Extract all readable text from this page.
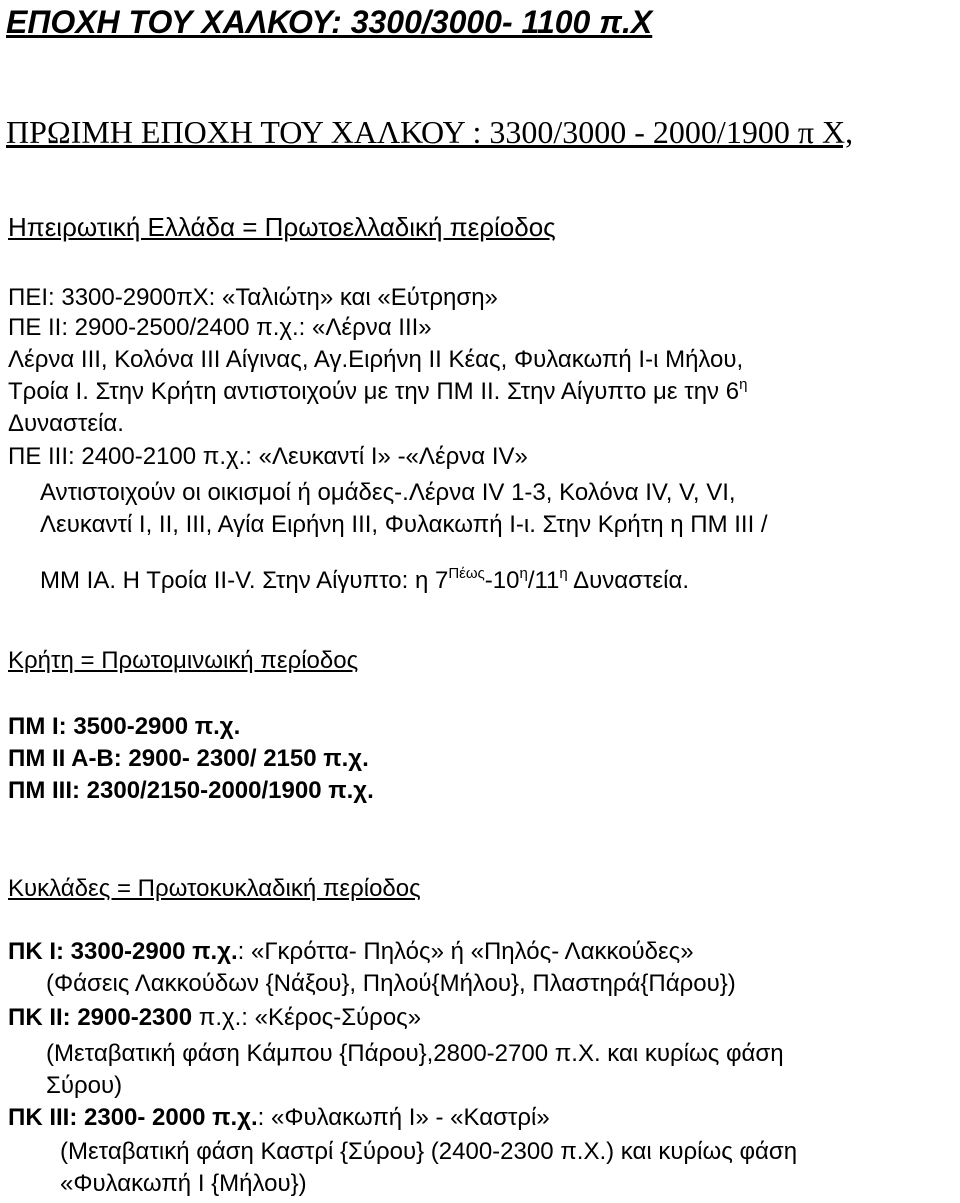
ΕΠΟΧΗ ΤΟΥ ΧΑΛΚΟΥ: 3300/3000- 1100 π.Χ

ΠΡΩΙΜΗ ΕΠΟΧΗ ΤΟΥ ΧΑΛΚΟΥ : 3300/3000 - 2000/1900 π Χ,

Ηπειρωτική Ελλάδα = Πρωτοελλαδική περίοδος

ΠΕΙ: 3300-2900πΧ: «Ταλιώτη» και «Εύτρηση»

ΠΕ ΙΙ: 2900-2500/2400 π.χ.: «Λέρνα ΙΙΙ»

Λέρνα ΙΙΙ, Κολόνα ΙΙΙ Αίγινας, Αγ.Ειρήνη ΙΙ Κέας, Φυλακωπή Ι-ι Μήλου,

Τροία Ι. Στην Κρήτη αντιστοιχούν με την ΠΜ ΙΙ. Στην Αίγυπτο με την $6^\eta$

Δυναστεία.

ΠΕ ΙΙΙ: 2400-2100 π.χ.: «Λευκαντί Ι» -«Λέρνα ΙV»

Αντιστοιχούν οι οικισμοί ή ομάδες-.Λέρνα IV 1-3, Κολόνα ΙV, V, VI,

Λευκαντί Ι, ΙΙ, ΙΙΙ, Αγία Ειρήνη ΙΙΙ, Φυλακωπή Ι-ι. Στην Κρήτη η ΠΜ ΙΙΙ /

ΜΜ ΙΑ. Η Τροία ΙΙ-V. Στην Αίγυπτο: η $7^{\Pi έ\omega\varsigma}-10^\eta/11^\eta$ Δυναστεία.

Κρήτη = Πρωτομινωική περίοδος

ΠΜ Ι: 3500-2900 π.χ.

ΠΜ ΙΙ Α-Β: 2900- 2300/ 2150 π.χ.

ΠΜ ΙΙΙ: 2300/2150-2000/1900 π.χ.

Κυκλάδες = Πρωτοκυκλαδική περίοδος

ΠΚ Ι: 3300-2900 π.χ.: «Γκρόττα- Πηλός» ή «Πηλός- Λακκούδες»

(Φάσεις Λακκούδων {Νάξου}, Πηλού{Μήλου}, Πλαστηρά{Πάρου})

ΠΚ ΙΙ: 2900-2300 π.χ.: «Κέρος-Σύρος»

(Μεταβατική φάση Κάμπου {Πάρου},2800-2700 π.Χ. και κυρίως φάση

Σύρου)

ΠΚ ΙΙΙ: 2300- 2000 π.χ.: «Φυλακωπή Ι» - «Καστρί»

(Μεταβατική φάση Καστρί {Σύρου} (2400-2300 π.Χ.) και κυρίως φάση

«Φυλακωπή Ι {Μήλου})
